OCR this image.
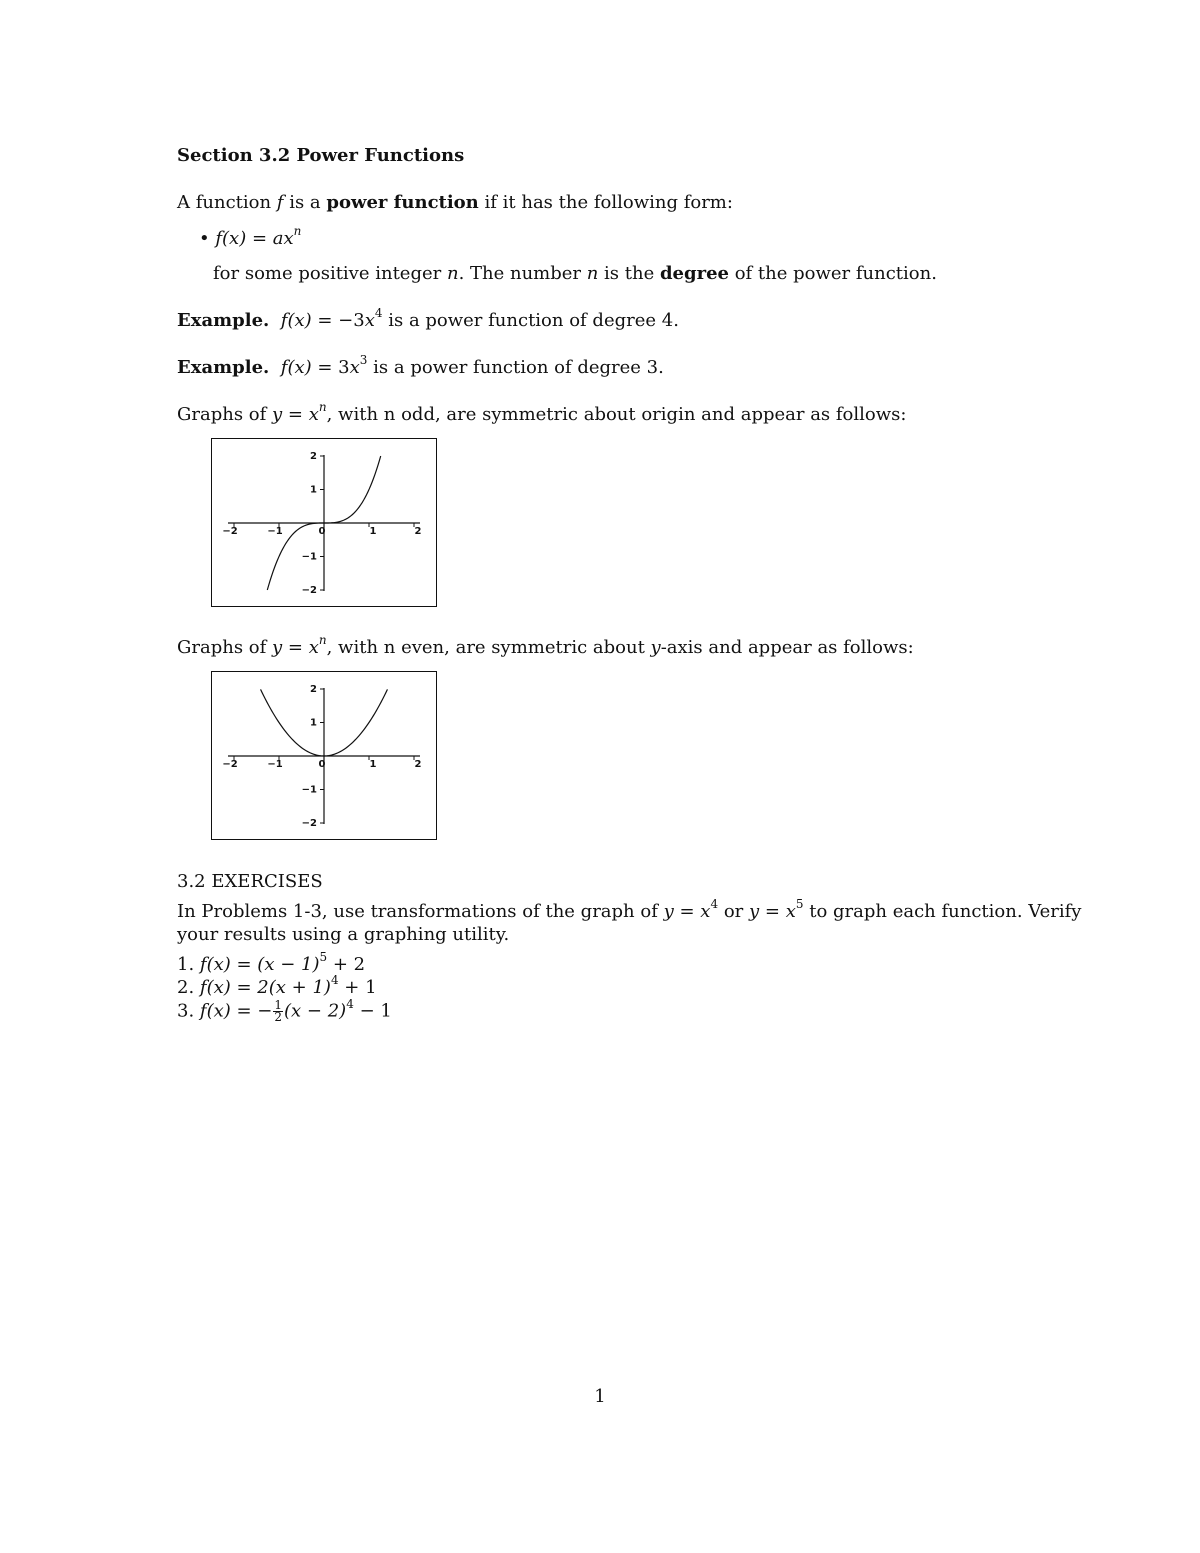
Section 3.2 Power Functions
A function f is a power function if it has the following form:
• $f(x) = ax^n$
for some positive integer n. The number n is the degree of the power function.
Example. $f(x) = -3x^4$ is a power function of degree 4.
Example. $f(x) = 3x^3$ is a power function of degree 3.
Graphs of $y = x^n$, with n odd, are symmetric about origin and appear as follows:
−2	−1	0	1	2
2
1
−1
−2
Graphs of $y = x^n$, with n even, are symmetric about y-axis and appear as follows:
−2	−1	0	1	2
2
1
−1
−2
3.2 EXERCISES
In Problems 1-3, use transformations of the graph of $y = x^4$ or $y = x^5$ to graph each function. Verify
your results using a graphing utility.
1. $f(x) = (x - 1)^5 + 2$
2. $f(x) = 2(x + 1)^4 + 1$
3. f(x) = − $\frac{1}{2} (x - 2)^4 - 1$
1
